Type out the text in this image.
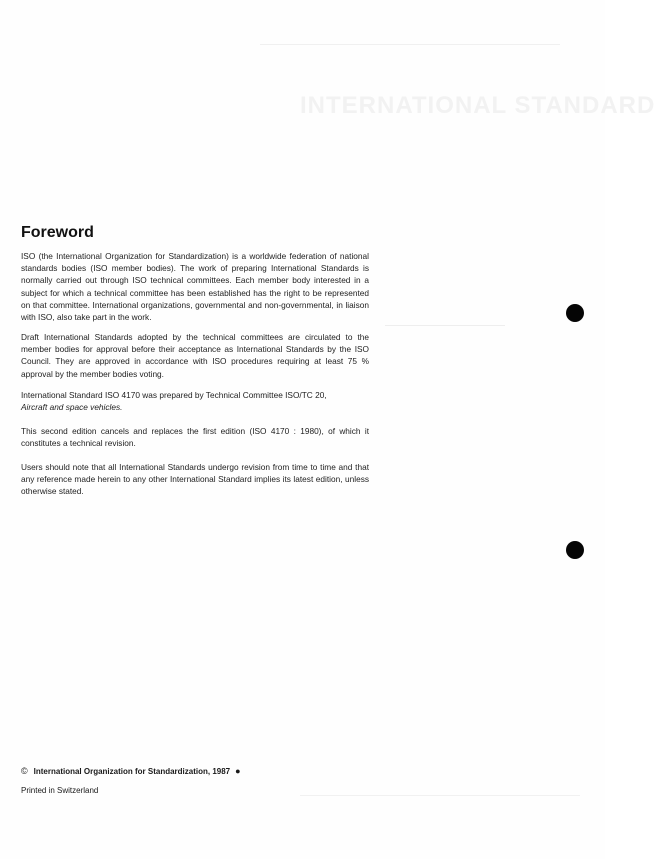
INTERNATIONAL STANDARD
Foreword

ISO (the International Organization for Standardization) is a worldwide federation of national standards bodies (ISO member bodies). The work of preparing International Standards is normally carried out through ISO technical committees. Each member body interested in a subject for which a technical committee has been established has the right to be represented on that committee. International organizations, governmental and non-governmental, in liaison with ISO, also take part in the work.

Draft International Standards adopted by the technical committees are circulated to the member bodies for approval before their acceptance as International Standards by the ISO Council. They are approved in accordance with ISO procedures requiring at least 75 % approval by the member bodies voting.

International Standard ISO 4170 was prepared by Technical Committee ISO/TC 20,
Aircraft and space vehicles.

This second edition cancels and replaces the first edition (ISO 4170 : 1980), of which it constitutes a technical revision.

Users should note that all International Standards undergo revision from time to time and that any reference made herein to any other International Standard implies its latest edition, unless otherwise stated.

© International Organization for Standardization, 1987 ●
Printed in Switzerland
